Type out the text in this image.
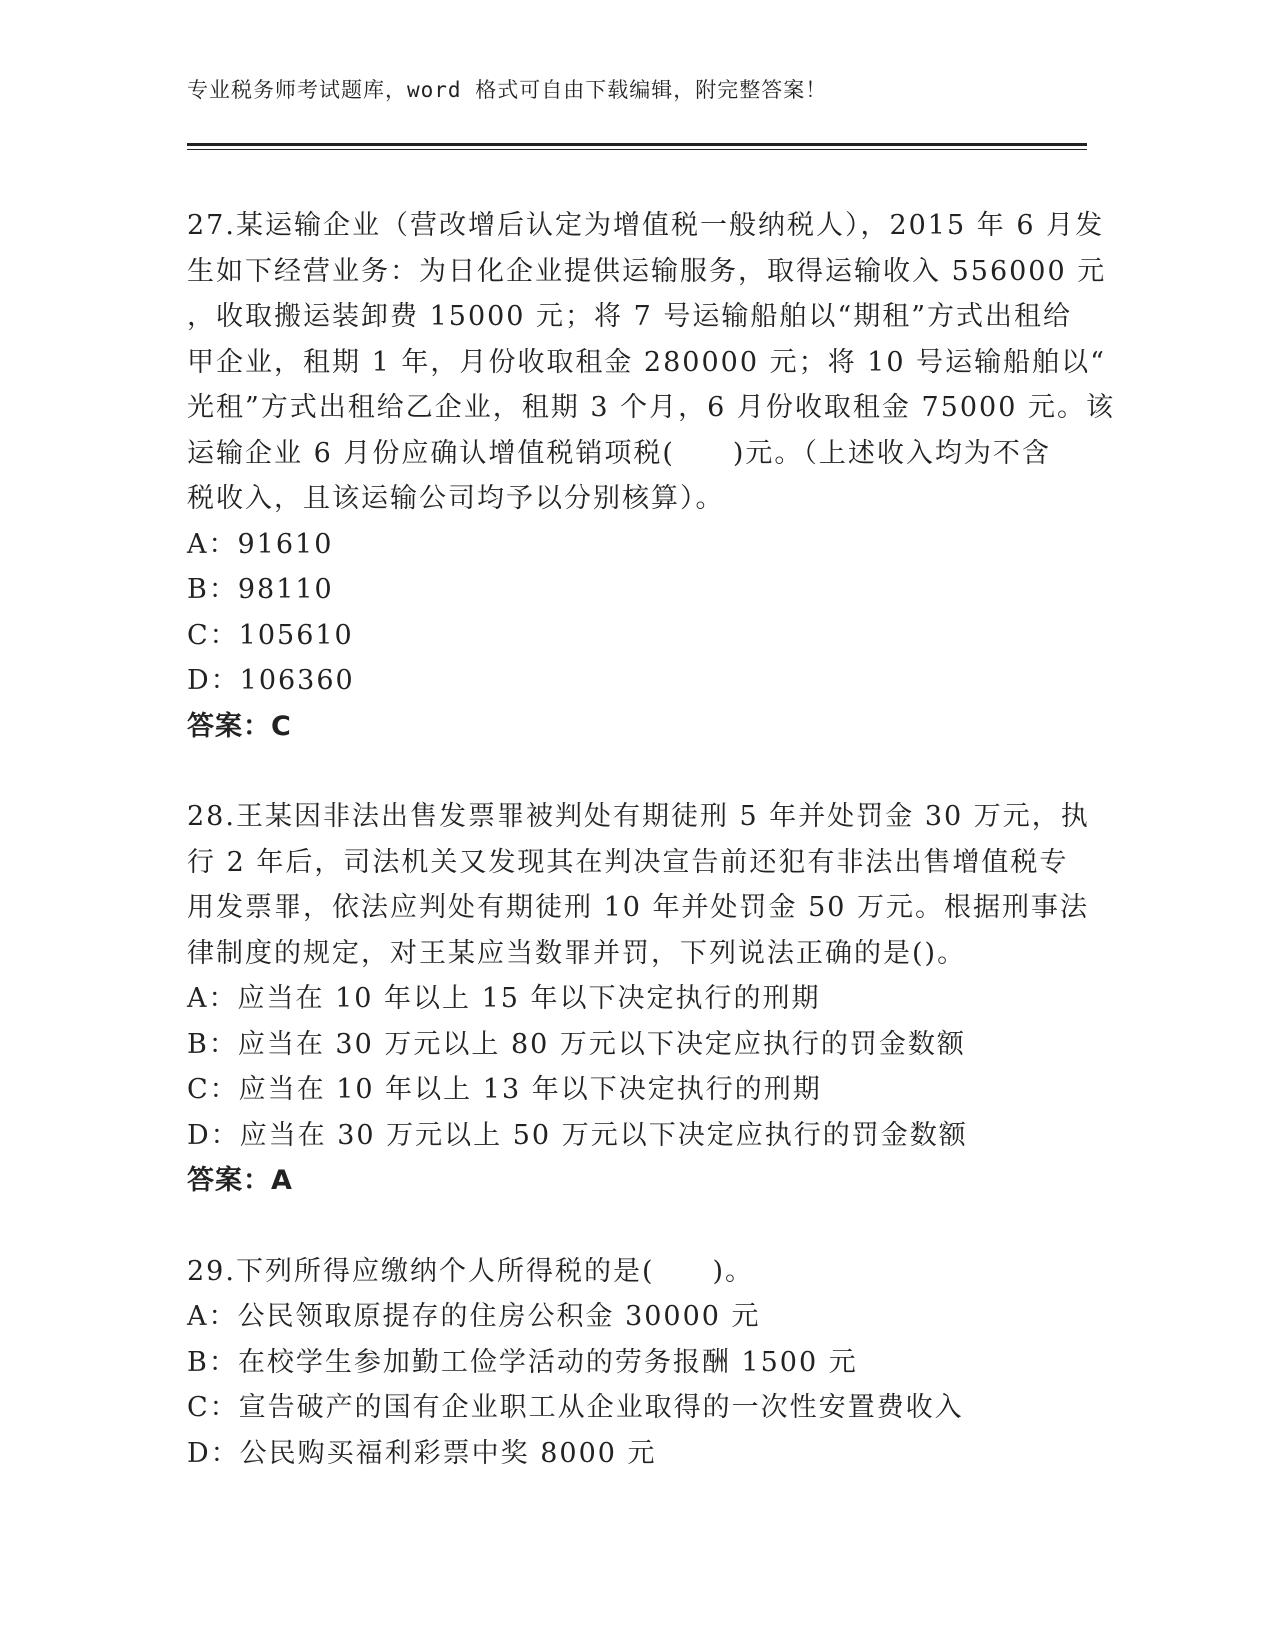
专业税务师考试题库，word 格式可自由下载编辑，附完整答案！
27.某运输企业（营改增后认定为增值税一般纳税人），2015 年 6 月发
生如下经营业务：为日化企业提供运输服务，取得运输收入 556000 元
，收取搬运装卸费 15000 元；将 7 号运输船舶以“期租”方式出租给
甲企业，租期 1 年，月份收取租金 280000 元；将 10 号运输船舶以“
光租”方式出租给乙企业，租期 3 个月，6 月份收取租金 75000 元。该
运输企业 6 月份应确认增值税销项税(　　)元。（上述收入均为不含
税收入，且该运输公司均予以分别核算）。
A：91610
B：98110
C：105610
D：106360
答案：C
28.王某因非法出售发票罪被判处有期徒刑 5 年并处罚金 30 万元，执
行 2 年后，司法机关又发现其在判决宣告前还犯有非法出售增值税专
用发票罪，依法应判处有期徒刑 10 年并处罚金 50 万元。根据刑事法
律制度的规定，对王某应当数罪并罚，下列说法正确的是()。
A：应当在 10 年以上 15 年以下决定执行的刑期
B：应当在 30 万元以上 80 万元以下决定应执行的罚金数额
C：应当在 10 年以上 13 年以下决定执行的刑期
D：应当在 30 万元以上 50 万元以下决定应执行的罚金数额
答案：A
29.下列所得应缴纳个人所得税的是(　　)。
A：公民领取原提存的住房公积金 30000 元
B：在校学生参加勤工俭学活动的劳务报酬 1500 元
C：宣告破产的国有企业职工从企业取得的一次性安置费收入
D：公民购买福利彩票中奖 8000 元
